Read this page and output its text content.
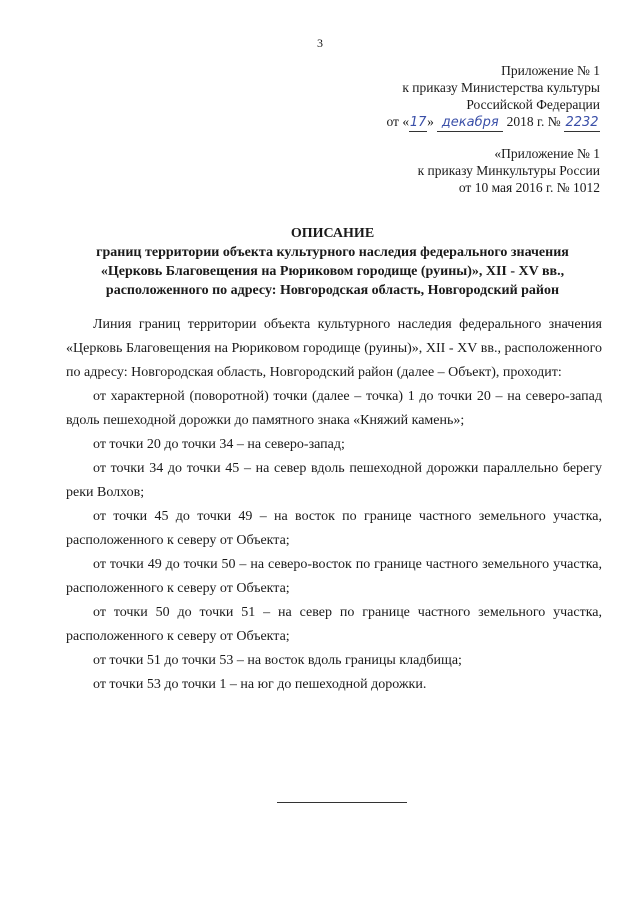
3
Приложение № 1
к приказу Министерства культуры
Российской Федерации
от «17» декабря 2018 г. № 2232
«Приложение № 1
к приказу Минкультуры России
от 10 мая 2016 г. № 1012
ОПИСАНИЕ
границ территории объекта культурного наследия федерального значения
«Церковь Благовещения на Рюриковом городище (руины)», XII - XV вв.,
расположенного по адресу: Новгородская область, Новгородский район

Линия границ территории объекта культурного наследия федерального значения «Церковь Благовещения на Рюриковом городище (руины)», XII - XV вв., расположенного по адресу: Новгородская область, Новгородский район (далее – Объект), проходит:

от характерной (поворотной) точки (далее – точка) 1 до точки 20 – на северо-запад вдоль пешеходной дорожки до памятного знака «Княжий камень»;

от точки 20 до точки 34 – на северо-запад;

от точки 34 до точки 45 – на север вдоль пешеходной дорожки параллельно берегу реки Волхов;

от точки 45 до точки 49 – на восток по границе частного земельного участка, расположенного к северу от Объекта;

от точки 49 до точки 50 – на северо-восток по границе частного земельного участка, расположенного к северу от Объекта;

от точки 50 до точки 51 – на север по границе частного земельного участка, расположенного к северу от Объекта;

от точки 51 до точки 53 – на восток вдоль границы кладбища;

от точки 53 до точки 1 – на юг до пешеходной дорожки.
